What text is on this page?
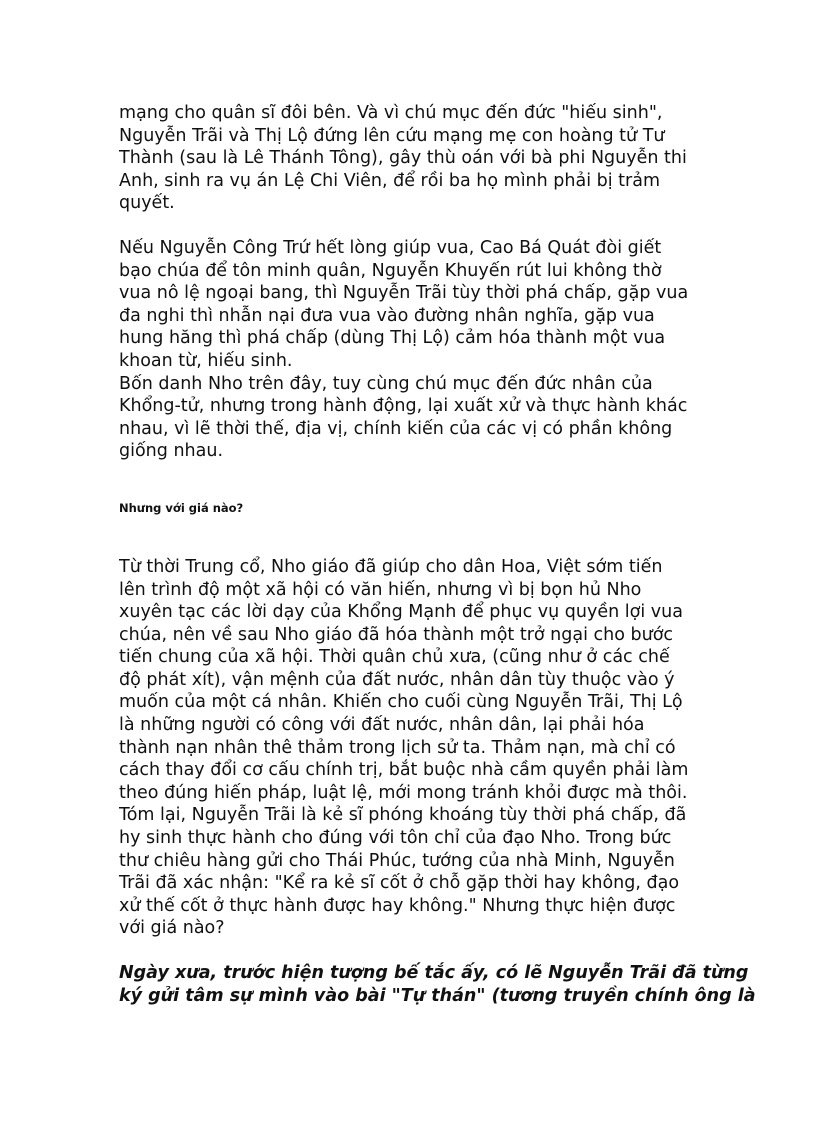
mạng cho quân sĩ đôi bên. Và vì chú mục đến đức "hiếu sinh",
Nguyễn Trãi và Thị Lộ đứng lên cứu mạng mẹ con hoàng tử Tư
Thành (sau là Lê Thánh Tông), gây thù oán với bà phi Nguyễn thi
Anh, sinh ra vụ án Lệ Chi Viên, để rồi ba họ mình phải bị trảm
quyết.

Nếu Nguyễn Công Trứ hết lòng giúp vua, Cao Bá Quát đòi giết
bạo chúa để tôn minh quân, Nguyễn Khuyến rút lui không thờ
vua nô lệ ngoại bang, thì Nguyễn Trãi tùy thời phá chấp, gặp vua
đa nghi thì nhẫn nại đưa vua vào đường nhân nghĩa, gặp vua
hung hăng thì phá chấp (dùng Thị Lộ) cảm hóa thành một vua
khoan từ, hiếu sinh.

Bốn danh Nho trên đây, tuy cùng chú mục đến đức nhân của
Khổng-tử, nhưng trong hành động, lại xuất xử và thực hành khác
nhau, vì lẽ thời thế, địa vị, chính kiến của các vị có phần không
giống nhau.

Nhưng với giá nào?

Từ thời Trung cổ, Nho giáo đã giúp cho dân Hoa, Việt sớm tiến
lên trình độ một xã hội có văn hiến, nhưng vì bị bọn hủ Nho
xuyên tạc các lời dạy của Khổng Mạnh để phục vụ quyền lợi vua
chúa, nên về sau Nho giáo đã hóa thành một trở ngại cho bước
tiến chung của xã hội. Thời quân chủ xưa, (cũng như ở các chế
độ phát xít), vận mệnh của đất nước, nhân dân tùy thuộc vào ý
muốn của một cá nhân. Khiến cho cuối cùng Nguyễn Trãi, Thị Lộ
là những người có công với đất nước, nhân dân, lại phải hóa
thành nạn nhân thê thảm trong lịch sử ta. Thảm nạn, mà chỉ có
cách thay đổi cơ cấu chính trị, bắt buộc nhà cầm quyền phải làm
theo đúng hiến pháp, luật lệ, mới mong tránh khỏi được mà thôi.
Tóm lại, Nguyễn Trãi là kẻ sĩ phóng khoáng tùy thời phá chấp, đã
hy sinh thực hành cho đúng với tôn chỉ của đạo Nho. Trong bức
thư chiêu hàng gửi cho Thái Phúc, tướng của nhà Minh, Nguyễn
Trãi đã xác nhận: "Kể ra kẻ sĩ cốt ở chỗ gặp thời hay không, đạo
xử thế cốt ở thực hành được hay không." Nhưng thực hiện được
với giá nào?

Ngày xưa, trước hiện tượng bế tắc ấy, có lẽ Nguyễn Trãi đã từng
ký gửi tâm sự mình vào bài "Tự thán" (tương truyền chính ông là
